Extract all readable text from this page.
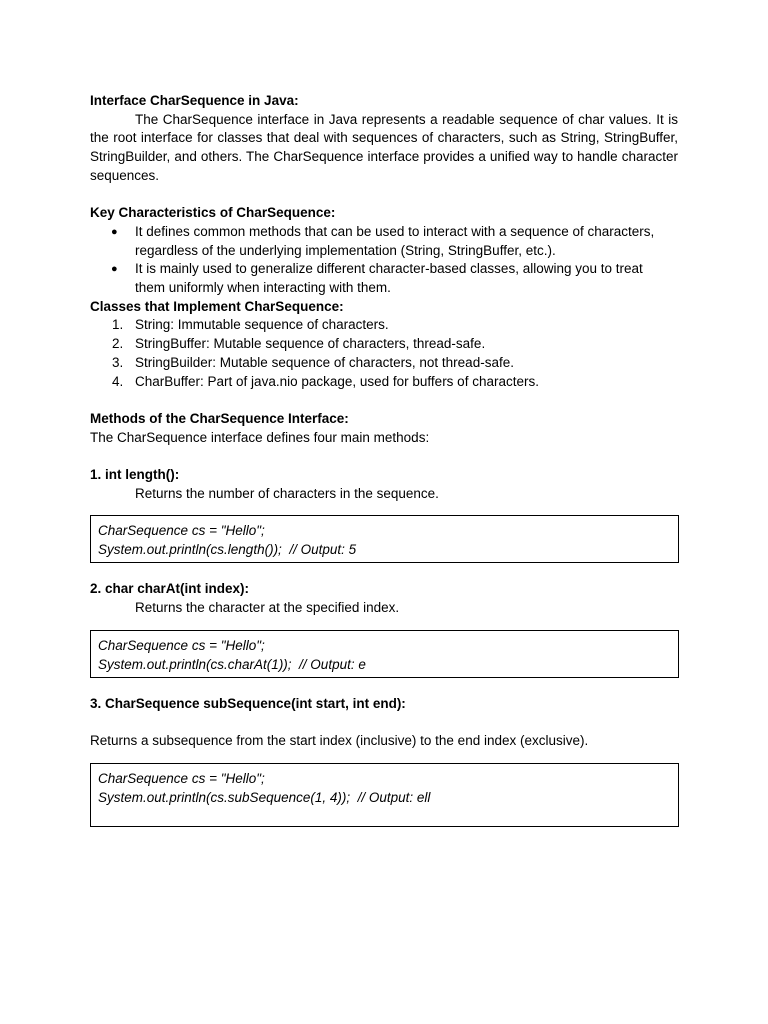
Interface CharSequence in Java:

The CharSequence interface in Java represents a readable sequence of char values. It is the root interface for classes that deal with sequences of characters, such as String, StringBuffer, StringBuilder, and others. The CharSequence interface provides a unified way to handle character sequences.

Key Characteristics of CharSequence:

● It defines common methods that can be used to interact with a sequence of characters, regardless of the underlying implementation (String, StringBuffer, etc.).
● It is mainly used to generalize different character-based classes, allowing you to treat them uniformly when interacting with them.

Classes that Implement CharSequence:

1. String: Immutable sequence of characters.
2. StringBuffer: Mutable sequence of characters, thread-safe.
3. StringBuilder: Mutable sequence of characters, not thread-safe.
4. CharBuffer: Part of java.nio package, used for buffers of characters.

Methods of the CharSequence Interface:

The CharSequence interface defines four main methods:

1. int length():

Returns the number of characters in the sequence.

CharSequence cs = "Hello";
System.out.println(cs.length());  // Output: 5

2. char charAt(int index):

Returns the character at the specified index.

CharSequence cs = "Hello";
System.out.println(cs.charAt(1));  // Output: e

3. CharSequence subSequence(int start, int end):

Returns a subsequence from the start index (inclusive) to the end index (exclusive).

CharSequence cs = "Hello";
System.out.println(cs.subSequence(1, 4));  // Output: ell
